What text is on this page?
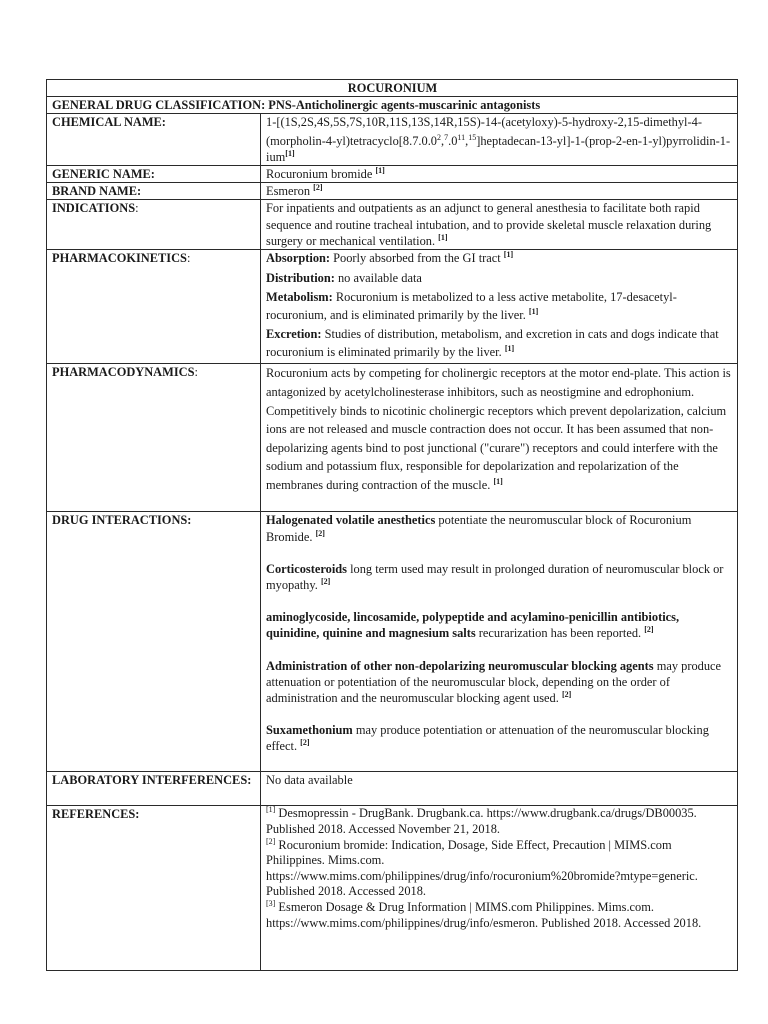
ROCURONIUM	
GENERAL DRUG CLASSIFICATION: PNS-Anticholinergic agents-muscarinic antagonists	
CHEMICAL NAME:	1-[(1S,2S,4S,5S,7S,10R,11S,13S,14R,15S)-14-(acetyloxy)-5-hydroxy-2,15-dimethyl-4-(morpholin-4-yl)tetracyclo[8.7.0.0$^2$,$^7$.0$^{11}$,$^{15}$]heptadecan-13-yl]-1-(prop-2-en-1-yl)pyrrolidin-1-ium[1]
GENERIC NAME:	Rocuronium bromide [1]
BRAND NAME:	Esmeron [2]
INDICATIONS:	For inpatients and outpatients as an adjunct to general anesthesia to facilitate both rapid sequence and routine tracheal intubation, and to provide skeletal muscle relaxation during surgery or mechanical ventilation. [1]
PHARMACOKINETICS:	Absorption: Poorly absorbed from the GI tract [1]
Distribution: no available data
Metabolism: Rocuronium is metabolized to a less active metabolite, 17-desacetyl-rocuronium, and is eliminated primarily by the liver. [1]
Excretion: Studies of distribution, metabolism, and excretion in cats and dogs indicate that rocuronium is eliminated primarily by the liver. [1]

PHARMACODYNAMICS:	Rocuronium acts by competing for cholinergic receptors at the motor end-plate. This action is antagonized by acetylcholinesterase inhibitors, such as neostigmine and edrophonium. Competitively binds to nicotinic cholinergic receptors which prevent depolarization, calcium ions are not released and muscle contraction does not occur. It has been assumed that non-depolarizing agents bind to post junctional ("curare") receptors and could interfere with the sodium and potassium flux, responsible for depolarization and repolarization of the membranes during contraction of the muscle. [1]
DRUG INTERACTIONS:	Halogenated volatile anesthetics potentiate the neuromuscular block of Rocuronium Bromide. [2]
Corticosteroids long term used may result in prolonged duration of neuromuscular block or myopathy. [2]
aminoglycoside, lincosamide, polypeptide and acylamino-penicillin antibiotics, quinidine, quinine and magnesium salts recurarization has been reported. [2]
Administration of other non-depolarizing neuromuscular blocking agents may produce attenuation or potentiation of the neuromuscular block, depending on the order of administration and the neuromuscular blocking agent used. [2]
Suxamethonium may produce potentiation or attenuation of the neuromuscular blocking effect. [2]

LABORATORY INTERFERENCES:	No data available
REFERENCES:	[1] Desmopressin - DrugBank. Drugbank.ca. https://www.drugbank.ca/drugs/DB00035. Published 2018. Accessed November 21, 2018.
[2] Rocuronium bromide: Indication, Dosage, Side Effect, Precaution | MIMS.com Philippines. Mims.com. https://www.mims.com/philippines/drug/info/rocuronium%20bromide?mtype=generic. Published 2018. Accessed 2018.
[3] Esmeron Dosage & Drug Information | MIMS.com Philippines. Mims.com. https://www.mims.com/philippines/drug/info/esmeron. Published 2018. Accessed 2018.
